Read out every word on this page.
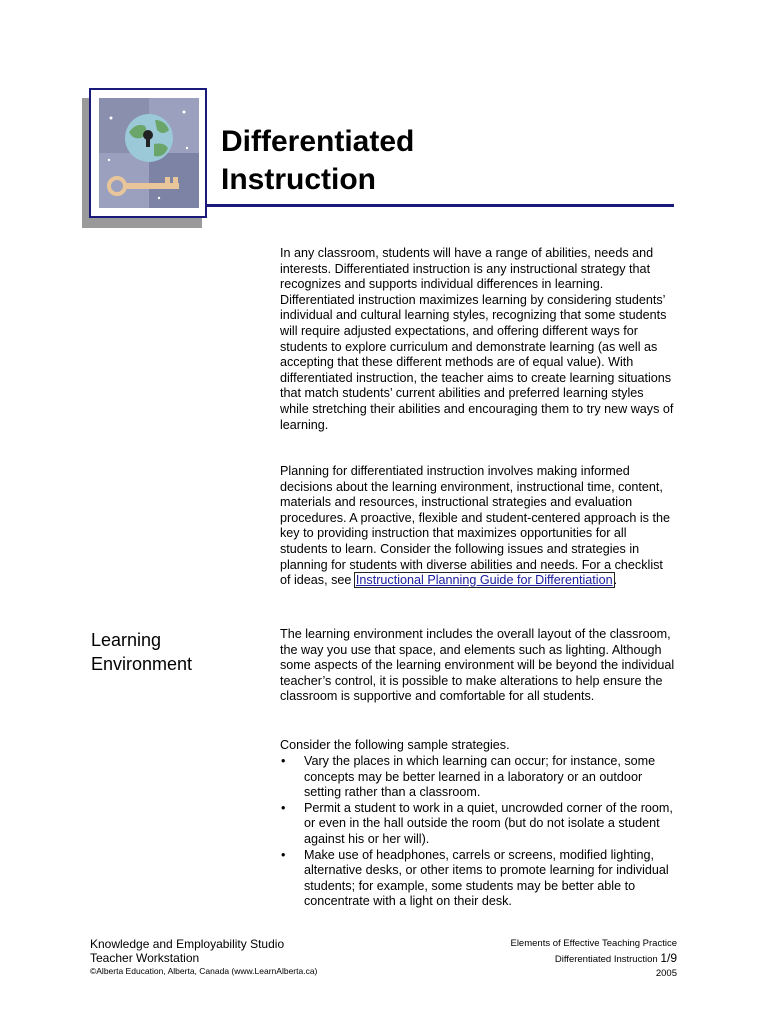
Differentiated
Instruction

In any classroom, students will have a range of abilities, needs and interests. Differentiated instruction is any instructional strategy that recognizes and supports individual differences in learning. Differentiated instruction maximizes learning by considering students’ individual and cultural learning styles, recognizing that some students will require adjusted expectations, and offering different ways for students to explore curriculum and demonstrate learning (as well as accepting that these different methods are of equal value). With differentiated instruction, the teacher aims to create learning situations that match students’ current abilities and preferred learning styles while stretching their abilities and encouraging them to try new ways of learning.

Planning for differentiated instruction involves making informed decisions about the learning environment, instructional time, content, materials and resources, instructional strategies and evaluation procedures. A proactive, flexible and student-centered approach is the key to providing instruction that maximizes opportunities for all students to learn. Consider the following issues and strategies in planning for students with diverse abilities and needs. For a checklist of ideas, see Instructional Planning Guide for Differentiation.

Learning
Environment

The learning environment includes the overall layout of the classroom, the way you use that space, and elements such as lighting. Although some aspects of the learning environment will be beyond the individual teacher’s control, it is possible to make alterations to help ensure the classroom is supportive and comfortable for all students.

Consider the following sample strategies.

• Vary the places in which learning can occur; for instance, some concepts may be better learned in a laboratory or an outdoor setting rather than a classroom.
• Permit a student to work in a quiet, uncrowded corner of the room, or even in the hall outside the room (but do not isolate a student against his or her will).
• Make use of headphones, carrels or screens, modified lighting, alternative desks, or other items to promote learning for individual students; for example, some students may be better able to concentrate with a light on their desk.
Knowledge and Employability Studio
Teacher Workstation
©Alberta Education, Alberta, Canada (www.LearnAlberta.ca)
Elements of Effective Teaching Practice
Differentiated Instruction 1/9
2005
